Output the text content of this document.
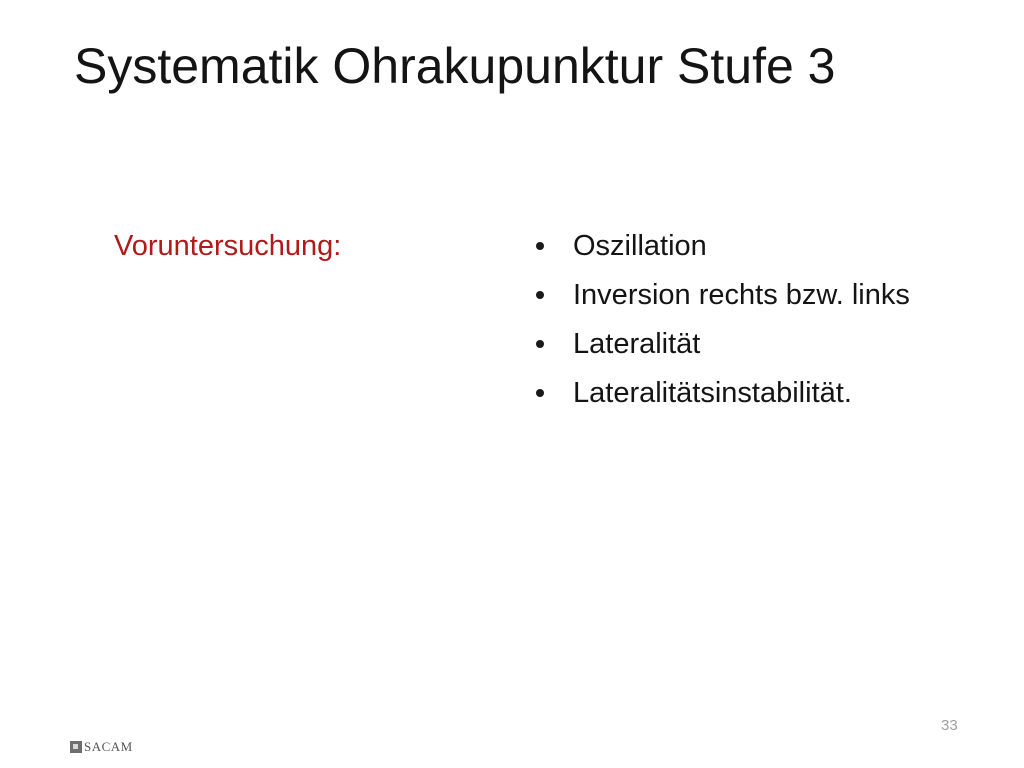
Systematik Ohrakupunktur Stufe 3
Voruntersuchung:	Oszillation
Inversion rechts bzw. links
Lateralität
Lateralitätsinstabilität.
33
SACAM
